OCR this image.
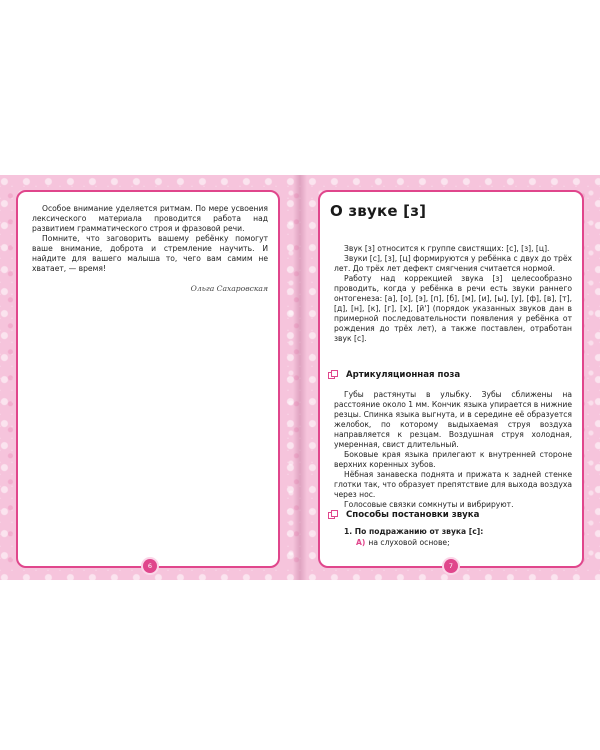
Особое внимание уделяется ритмам. По мере усвоения лексического материала проводится работа над развитием грамматического строя и фразовой речи.

Помните, что заговорить вашему ребёнку помогут ваше внимание, доброта и стремление научить. И найдите для вашего малыша то, чего вам самим не хватает, — время!

Ольга Сахаровская
6
О звуке [з]

Звук [з] относится к группе свистящих: [с], [з], [ц].

Звуки [с], [з], [ц] формируются у ребёнка с двух до трёх лет. До трёх лет дефект смягчения считается нормой.

Работу над коррекцией звука [з] целесообразно проводить, когда у ребёнка в речи есть звуки раннего онтогенеза: [а], [о], [э], [п], [б], [м], [и], [ы], [у], [ф], [в], [т], [д], [н], [к], [г], [х], [й'] (порядок указанных звуков дан в примерной последовательности появления у ребёнка от рождения до трёх лет), а также поставлен, отработан звук [с].

Артикуляционная поза

Губы растянуты в улыбку. Зубы сближены на расстояние около 1 мм. Кончик языка упирается в нижние резцы. Спинка языка выгнута, и в середине её образуется желобок, по которому выдыхаемая струя воздуха направляется к резцам. Воздушная струя холодная, умеренная, свист длительный.

Боковые края языка прилегают к внутренней стороне верхних коренных зубов.

Нёбная занавеска поднята и прижата к задней стенке глотки так, что образует препятствие для выхода воздуха через нос.

Голосовые связки сомкнуты и вибрируют.

Способы постановки звука
1. По подражанию от звука [с]:
А) на слуховой основе;
7
